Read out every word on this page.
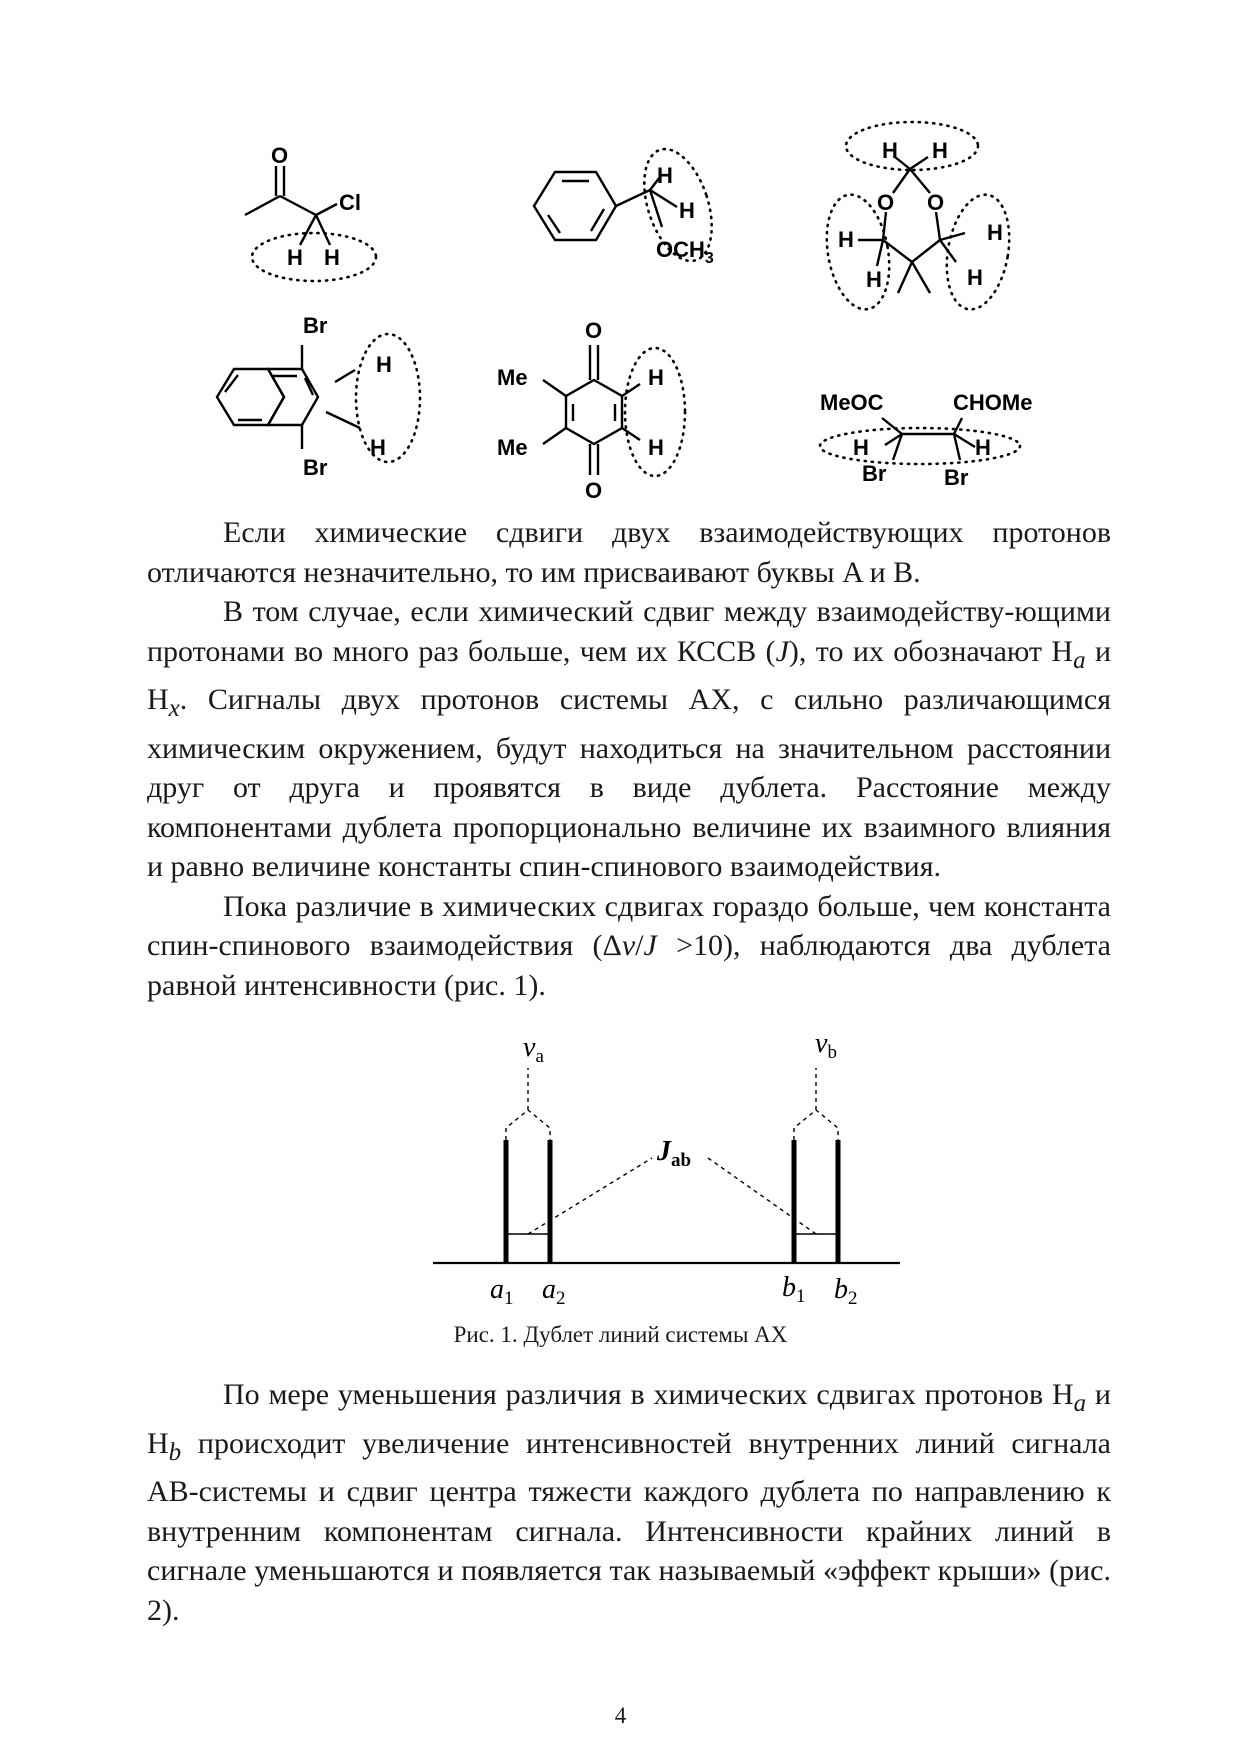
O
Cl
H H
H
H
$OCH_3$
H H
O O
H
H
H
H
Br
Br
H
H
O
O
Me
Me
H
H
MeOC	CHOMe
H	H
Br	Br

Если химические сдвиги двух взаимодействующих протонов отличаются незначительно, то им присваивают буквы A и B.

В том случае, если химический сдвиг между взаимодейству-ющими протонами во много раз больше, чем их КССВ (J), то их обозначают $H_a$ и $H_x$. Сигналы двух протонов системы AX, с сильно различающимся химическим окружением, будут находиться на значительном расстоянии друг от друга и проявятся в виде дублета. Расстояние между компонентами дублета пропорционально величине их взаимного влияния и равно величине константы спин-спинового взаимодействия.

Пока различие в химических сдвигах гораздо больше, чем константа спин-спинового взаимодействия (Δν/J >10), наблюдаются два дублета равной интенсивности (рис. 1).

$\nu_a$	$\nu_b$
$J_{ab}$
$a_1$ $a_2$	$b_1$ $b_2$
Рис. 1. Дублет линий системы AX

По мере уменьшения различия в химических сдвигах протонов $H_a$ и $H_b$ происходит увеличение интенсивностей внутренних линий сигнала AB-системы и сдвиг центра тяжести каждого дублета по направлению к внутренним компонентам сигнала. Интенсивности крайних линий в сигнале уменьшаются и появляется так называемый «эффект крыши» (рис. 2).

4
